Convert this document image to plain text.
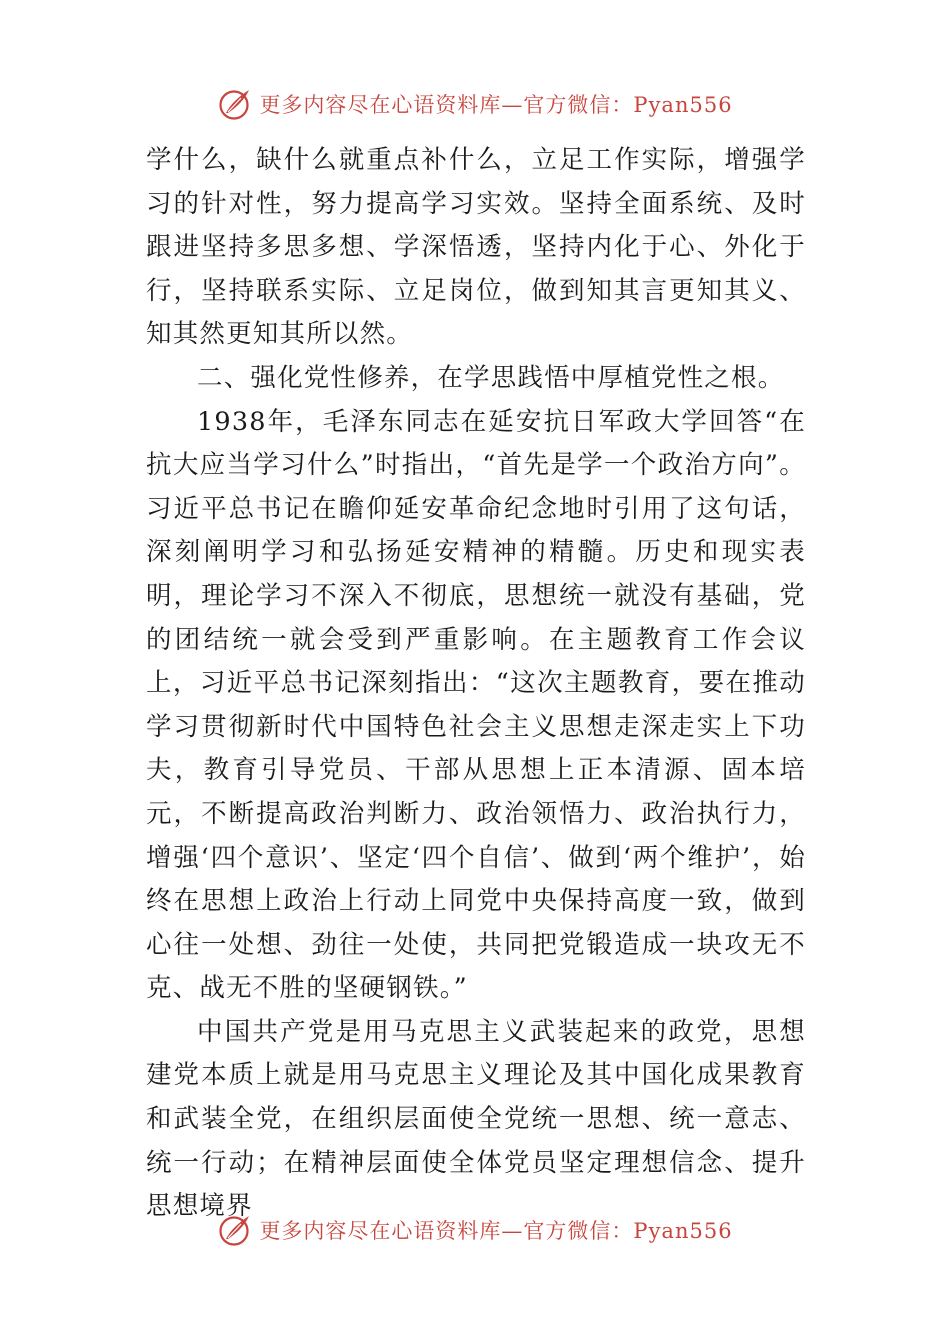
更多内容尽在心语资料库—官方微信：Pyan556

学什么，缺什么就重点补什么，立足工作实际，增强学习的针对性，努力提高学习实效。坚持全面系统、及时跟进坚持多思多想、学深悟透，坚持内化于心、外化于行，坚持联系实际、立足岗位，做到知其言更知其义、知其然更知其所以然。

二、强化党性修养，在学思践悟中厚植党性之根。

1938年，毛泽东同志在延安抗日军政大学回答“在抗大应当学习什么”时指出，“首先是学一个政治方向”。习近平总书记在瞻仰延安革命纪念地时引用了这句话，深刻阐明学习和弘扬延安精神的精髓。历史和现实表明，理论学习不深入不彻底，思想统一就没有基础，党的团结统一就会受到严重影响。在主题教育工作会议上，习近平总书记深刻指出：“这次主题教育，要在推动学习贯彻新时代中国特色社会主义思想走深走实上下功夫，教育引导党员、干部从思想上正本清源、固本培元，不断提高政治判断力、政治领悟力、政治执行力，增强‘四个意识’、坚定‘四个自信’、做到‘两个维护’，始终在思想上政治上行动上同党中央保持高度一致，做到心往一处想、劲往一处使，共同把党锻造成一块攻无不克、战无不胜的坚硬钢铁。”

中国共产党是用马克思主义武装起来的政党，思想建党本质上就是用马克思主义理论及其中国化成果教育和武装全党，在组织层面使全党统一思想、统一意志、统一行动；在精神层面使全体党员坚定理想信念、提升思想境界

更多内容尽在心语资料库—官方微信：Pyan556
